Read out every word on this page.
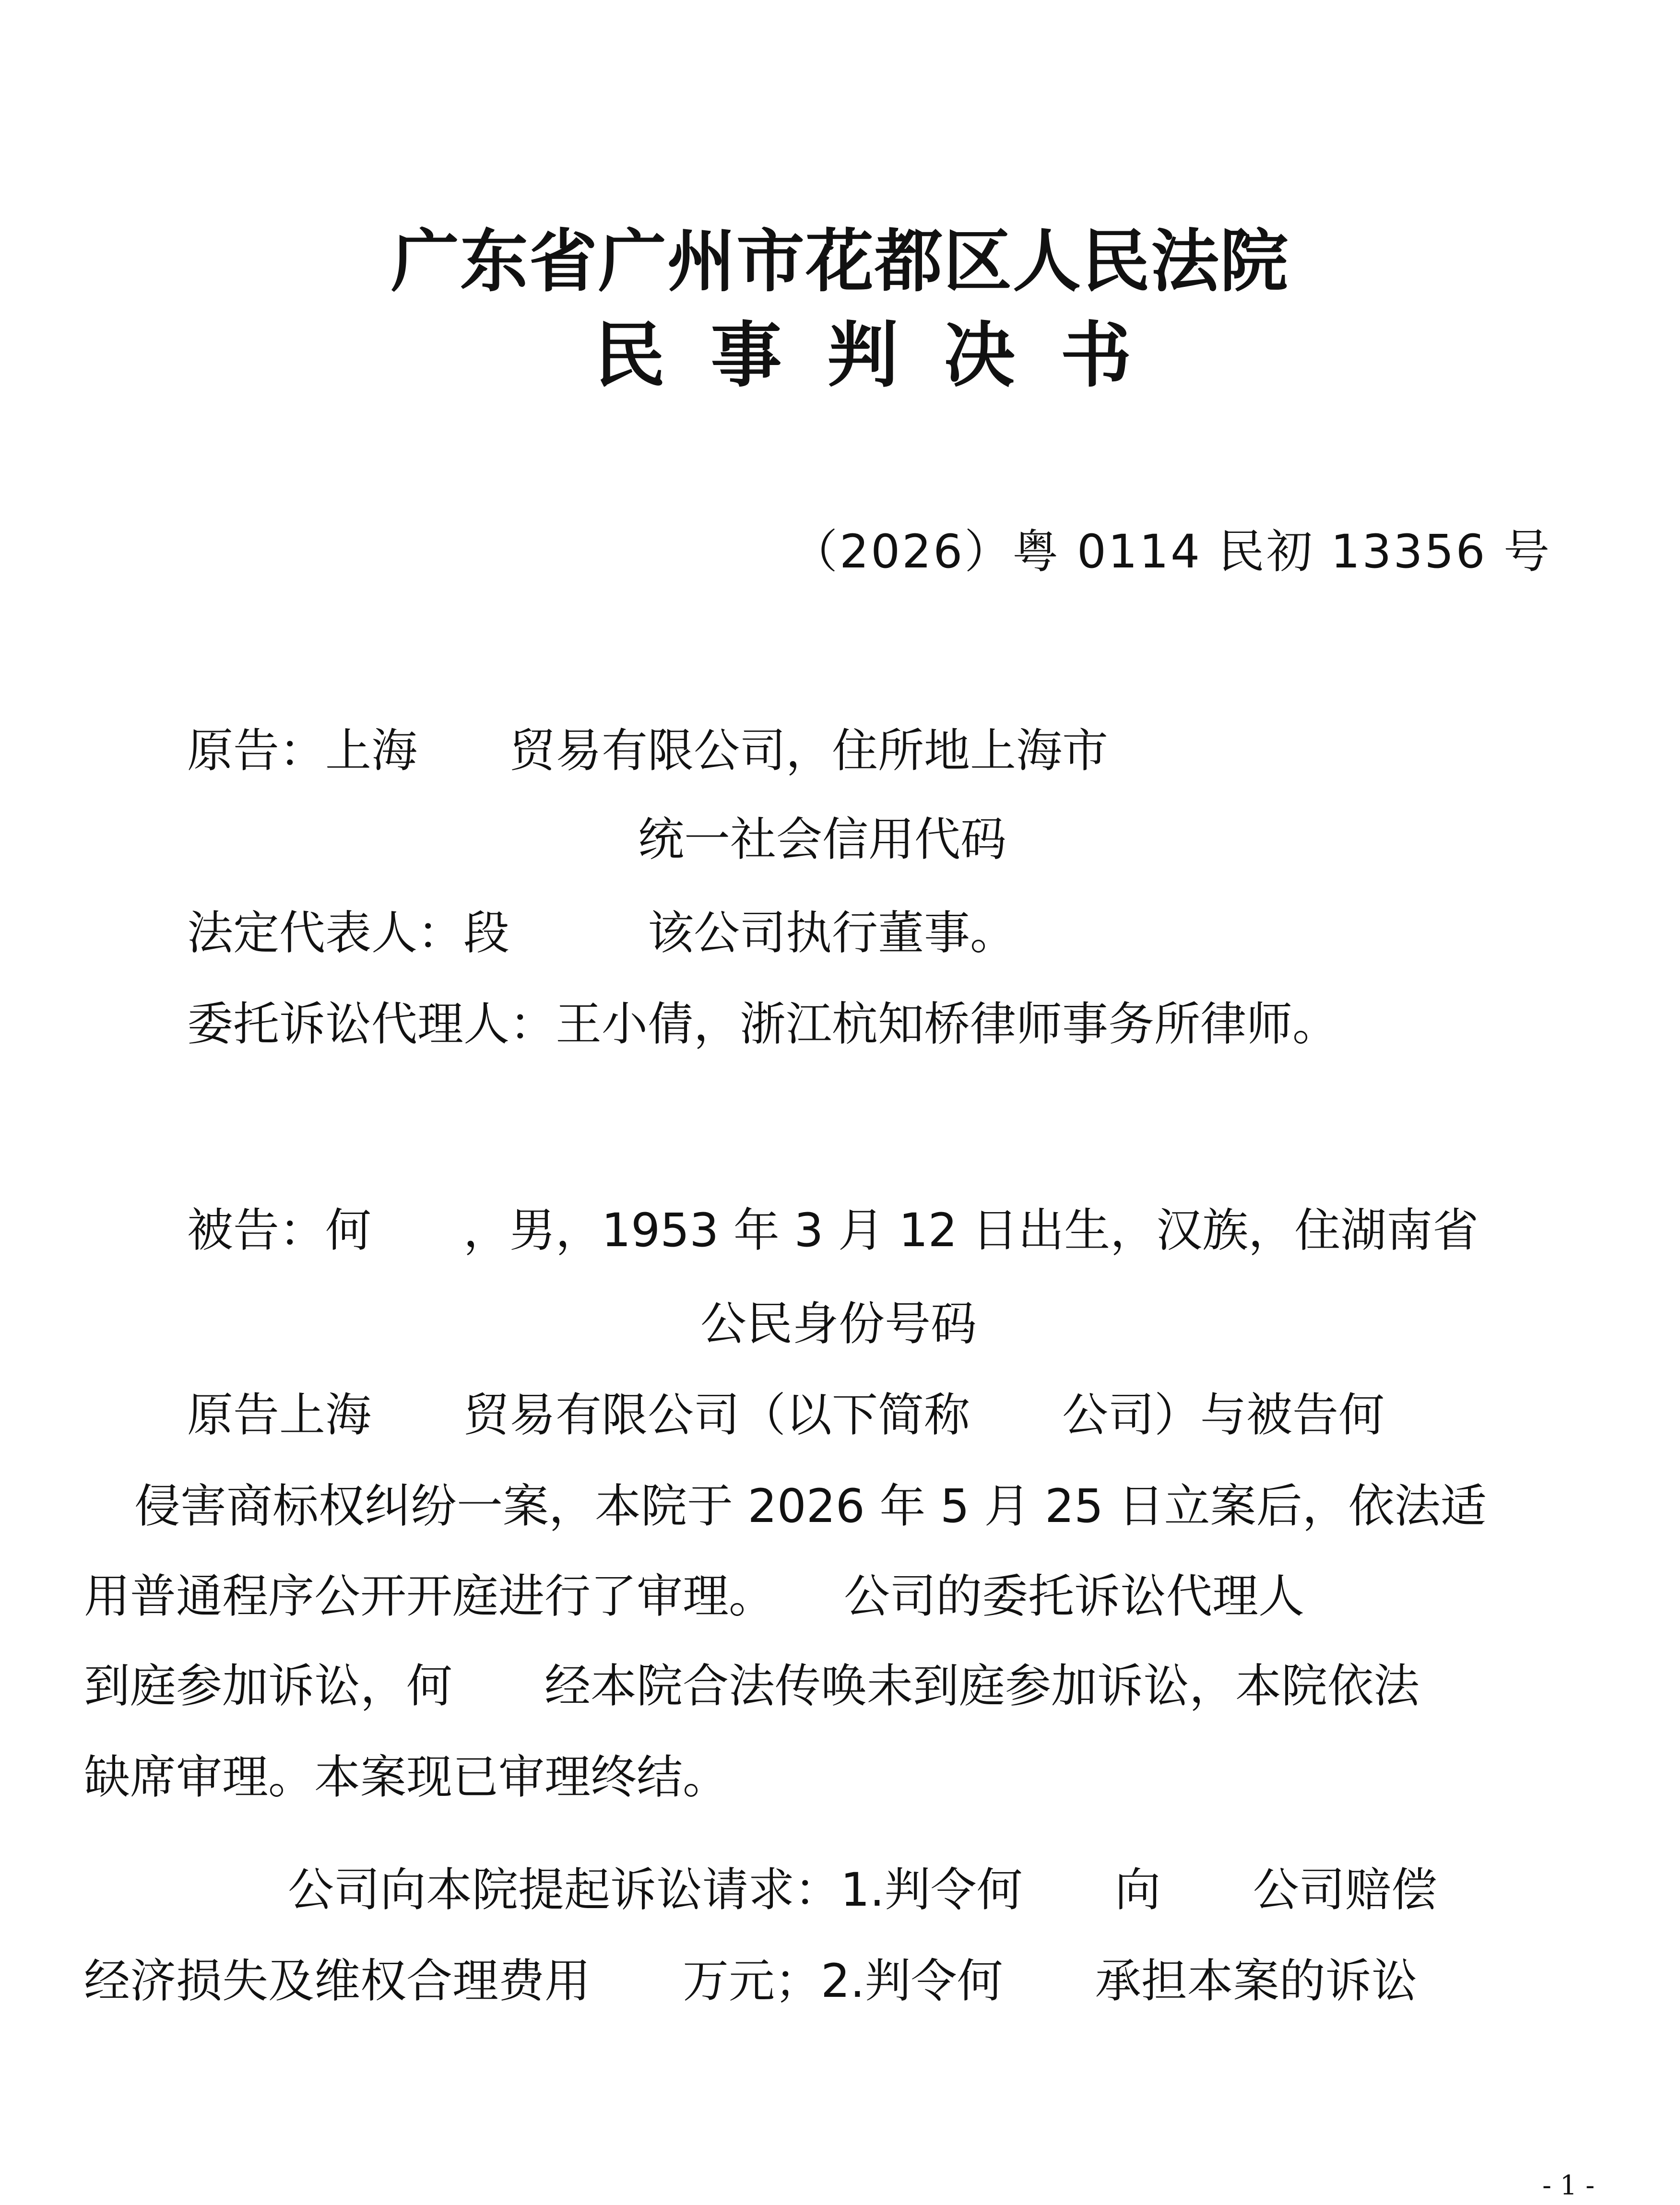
广东省广州市花都区人民法院
民事判决书
（2026）粤 0114 民初 13356 号
原告：上海　　贸易有限公司，住所地上海市
统一社会信用代码
法定代表人：段　　　该公司执行董事。
委托诉讼代理人：王小倩，浙江杭知桥律师事务所律师。
被告：何　　，男，1953 年 3 月 12 日出生，汉族，住湖南省
公民身份号码
原告上海　　贸易有限公司（以下简称　　公司）与被告何
侵害商标权纠纷一案，本院于 2026 年 5 月 25 日立案后，依法适
用普通程序公开开庭进行了审理。　　公司的委托诉讼代理人
到庭参加诉讼，何　　经本院合法传唤未到庭参加诉讼，本院依法
缺席审理。本案现已审理终结。
公司向本院提起诉讼请求：1.判令何　　向　　公司赔偿
经济损失及维权合理费用　　万元；2.判令何　　承担本案的诉讼
- 1 -
